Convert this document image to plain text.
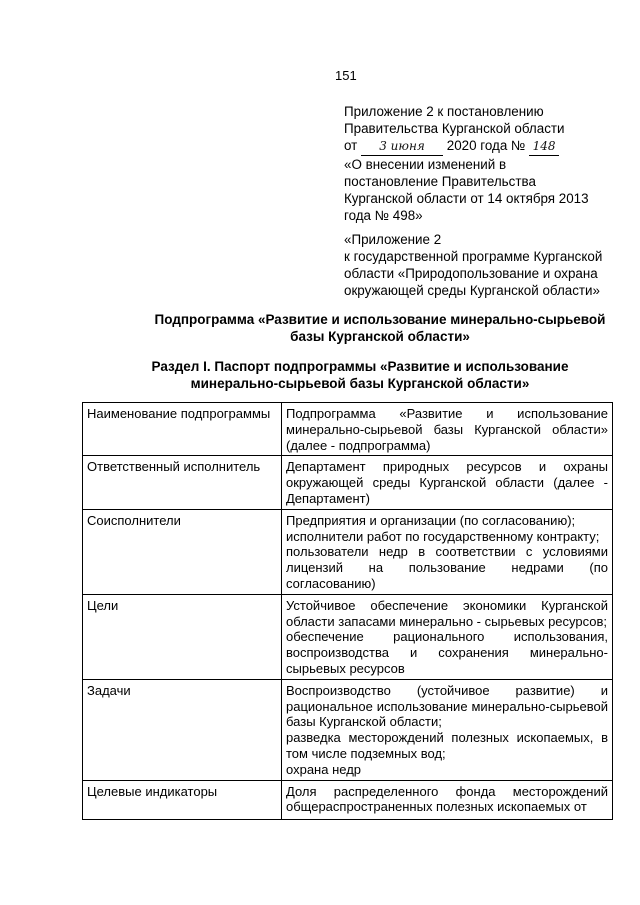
151
Приложение 2 к постановлению
Правительства Курганской области
от 3 июня 2020 года № 148
«О внесении изменений в
постановление Правительства
Курганской области от 14 октября 2013
года № 498»
«Приложение 2
к государственной программе Курганской
области «Природопользование и охрана
окружающей среды Курганской области»
Подпрограмма «Развитие и использование минерально-сырьевой
базы Курганской области»
Раздел I. Паспорт подпрограммы «Развитие и использование
минерально-сырьевой базы Курганской области»
Наименование подпрограммы	Подпрограмма «Развитие и использование минерально-сырьевой базы Курганской области» (далее - подпрограмма)

Ответственный исполнитель	Департамент природных ресурсов и охраны окружающей среды Курганской области (далее - Департамент)

Соисполнители	Предприятия и организации (по согласованию);
исполнители работ по государственному контракту;
пользователи недр в соответствии с условиями лицензий на пользование недрами (по согласованию)

Цели	Устойчивое обеспечение экономики Курганской области запасами минерально - сырьевых ресурсов;
обеспечение рационального использования, воспроизводства и сохранения минерально-сырьевых ресурсов

Задачи	Воспроизводство (устойчивое развитие) и рациональное использование минерально-сырьевой базы Курганской области;
разведка месторождений полезных ископаемых, в том числе подземных вод;
охрана недр

Целевые индикаторы	Доля распределенного фонда месторождений общераспространенных полезных ископаемых от
